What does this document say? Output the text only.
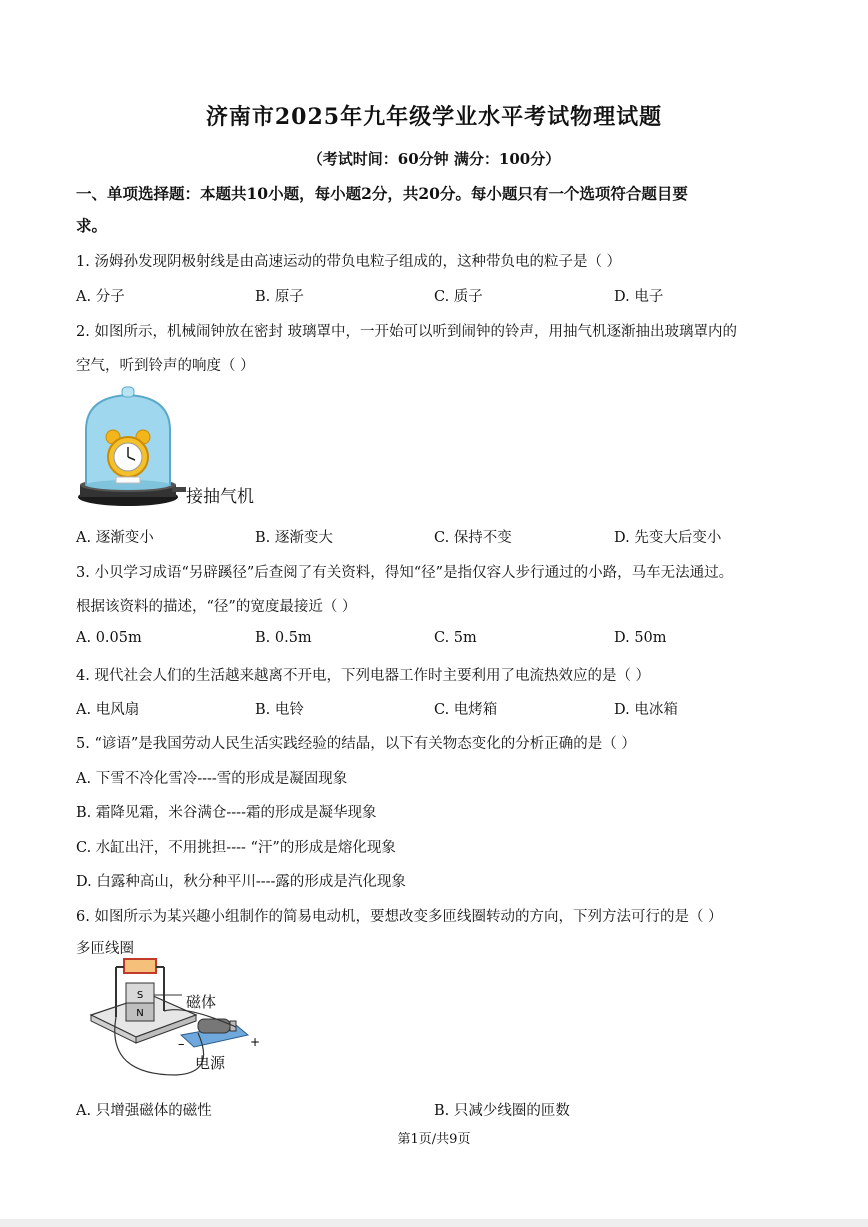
济南市2025年九年级学业水平考试物理试题
（考试时间：60分钟 满分：100分）
一、单项选择题：本题共10小题，每小题2分，共20分。每小题只有一个选项符合题目要
求。
1. 汤姆孙发现阴极射线是由高速运动的带负电粒子组成的，这种带负电的粒子是（ ）
A. 分子	B. 原子	C. 质子	D. 电子
2. 如图所示，机械闹钟放在密封 玻璃罩中，一开始可以听到闹钟的铃声，用抽气机逐渐抽出玻璃罩内的
空气，听到铃声的响度（ ）
接抽气机
A. 逐渐变小	B. 逐渐变大	C. 保持不变	D. 先变大后变小
3. 小贝学习成语“另辟蹊径”后查阅了有关资料，得知“径”是指仅容人步行通过的小路，马车无法通过。
根据该资料的描述，“径”的宽度最接近（ ）
A. 0.05m	B. 0.5m	C. 5m	D. 50m
4. 现代社会人们的生活越来越离不开电，下列电器工作时主要利用了电流热效应的是（ ）
A. 电风扇	B. 电铃	C. 电烤箱	D. 电冰箱
5. “谚语”是我国劳动人民生活实践经验的结晶，以下有关物态变化的分析正确的是（ ）
A. 下雪不冷化雪冷----雪的形成是凝固现象
B. 霜降见霜，米谷满仓----霜的形成是凝华现象
C. 水缸出汗，不用挑担---- “汗”的形成是熔化现象
D. 白露种高山，秋分种平川----露的形成是汽化现象
6. 如图所示为某兴趣小组制作的简易电动机，要想改变多匝线圈转动的方向，下列方法可行的是（ ）
多匝线圈
S
N
–	+
磁体
电源
A. 只增强磁体的磁性	B. 只减少线圈的匝数
第1页/共9页
